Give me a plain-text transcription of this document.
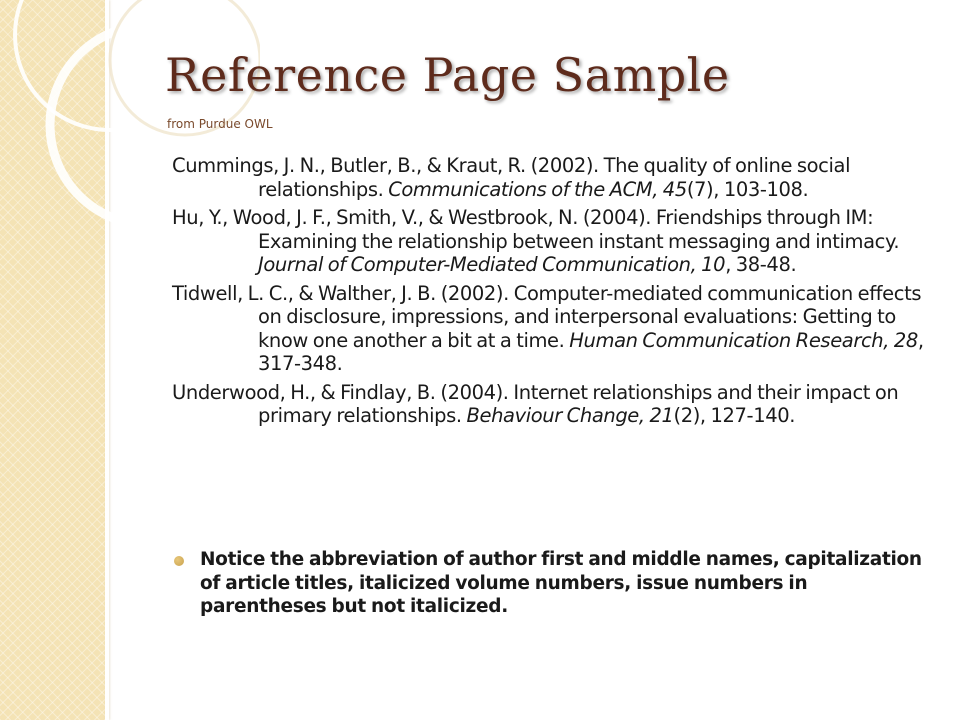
Reference Page Sample
from Purdue OWL

Cummings, J. N., Butler, B., & Kraut, R. (2002). The quality of online social relationships. Communications of the ACM, 45(7), 103-108.

Hu, Y., Wood, J. F., Smith, V., & Westbrook, N. (2004). Friendships through IM: Examining the relationship between instant messaging and intimacy. Journal of Computer-Mediated Communication, 10, 38-48.

Tidwell, L. C., & Walther, J. B. (2002). Computer-mediated communication effects on disclosure, impressions, and interpersonal evaluations: Getting to know one another a bit at a time. Human Communication Research, 28, 317-348.

Underwood, H., & Findlay, B. (2004). Internet relationships and their impact on primary relationships. Behaviour Change, 21(2), 127-140.

Notice the abbreviation of author first and middle names, capitalization of article titles, italicized volume numbers, issue numbers in parentheses but not italicized.
